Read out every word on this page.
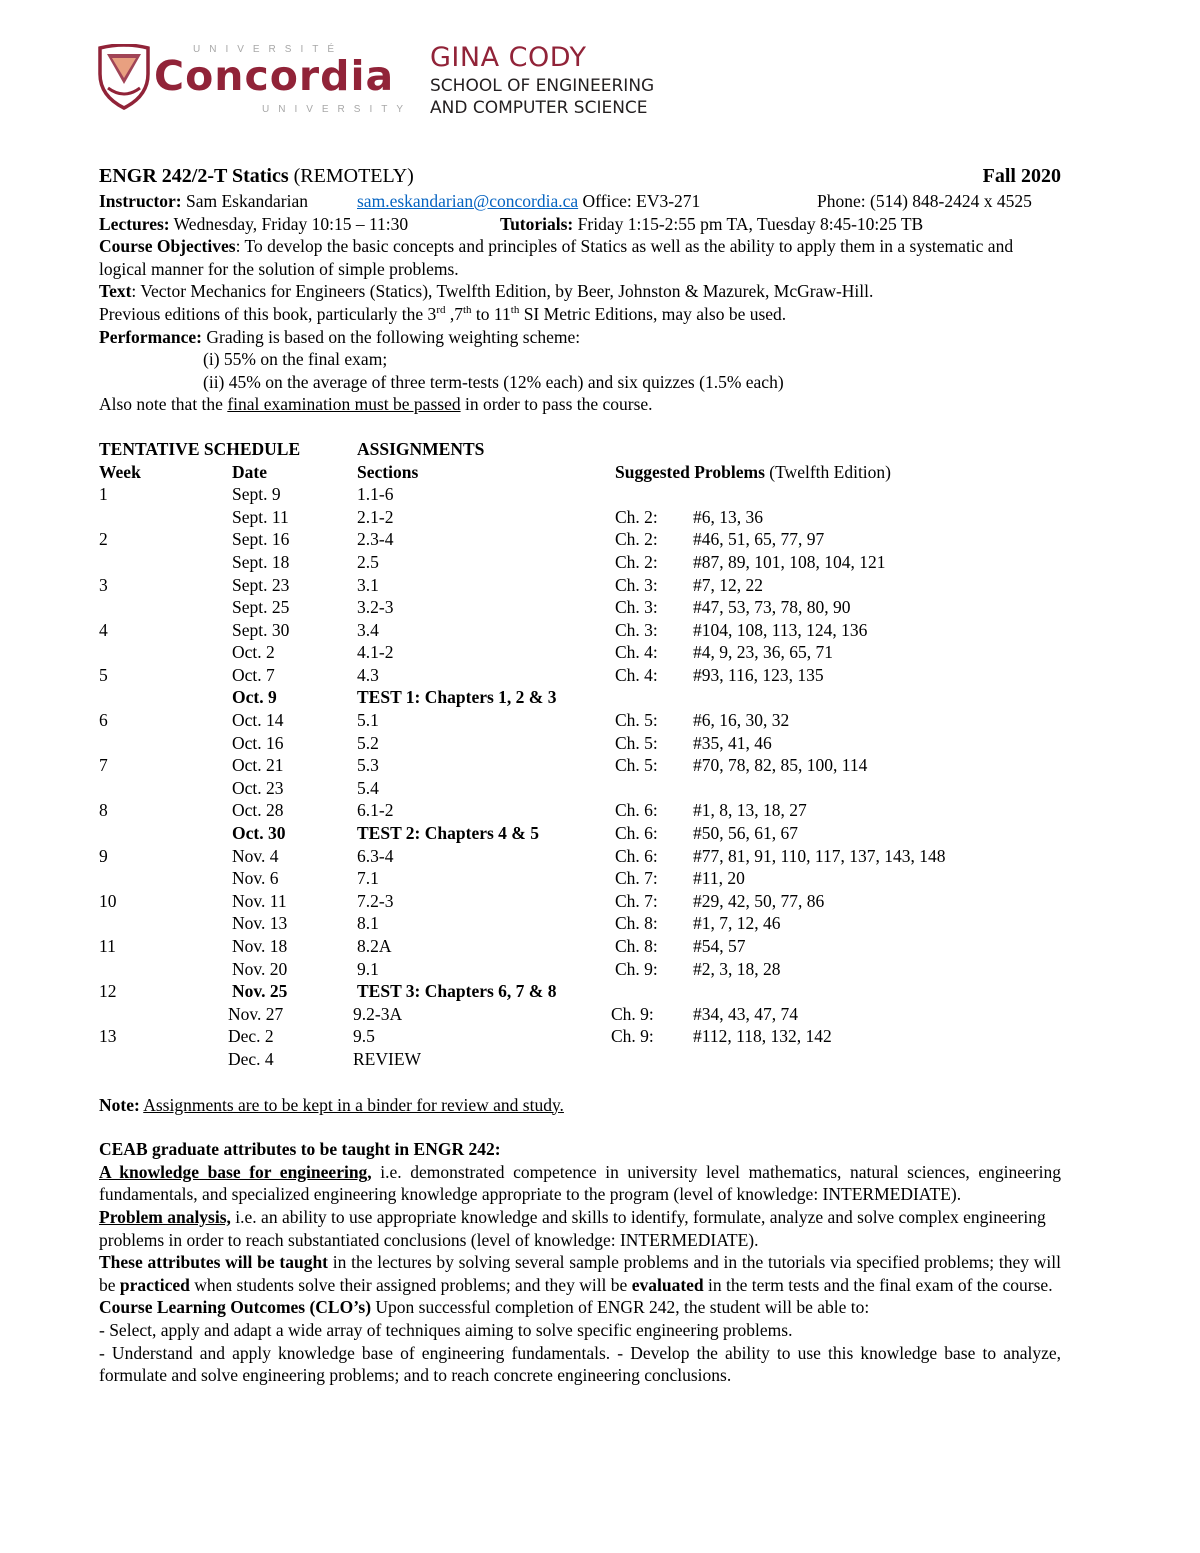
UNIVERSITÉ
Concordia
UNIVERSITY
GINA CODY
SCHOOL OF ENGINEERING
AND COMPUTER SCIENCE
ENGR 242/2-T Statics (REMOTELY)	Fall 2020
Instructor: Sam Eskandarian	sam.eskandarian@concordia.ca Office: EV3-271	Phone: (514) 848-2424 x 4525
Lectures: Wednesday, Friday 10:15 – 11:30	Tutorials: Friday 1:15-2:55 pm TA, Tuesday 8:45-10:25 TB
Course Objectives: To develop the basic concepts and principles of Statics as well as the ability to apply them in a systematic and logical manner for the solution of simple problems.
Text: Vector Mechanics for Engineers (Statics), Twelfth Edition, by Beer, Johnston & Mazurek, McGraw-Hill.
Previous editions of this book, particularly the 3rd ,7th to 11th SI Metric Editions, may also be used.
Performance: Grading is based on the following weighting scheme:
(i) 55% on the final exam;
(ii) 45% on the average of three term-tests (12% each) and six quizzes (1.5% each)
Also note that the final examination must be passed in order to pass the course.
TENTATIVE SCHEDULE	ASSIGNMENTS
Week	Date	Sections	Suggested Problems (Twelfth Edition)
1	Sept. 9	1.1-6
Sept. 11	2.1-2	Ch. 2: #6, 13, 36
2	Sept. 16	2.3-4	Ch. 2: #46, 51, 65, 77, 97
Sept. 18	2.5	Ch. 2: #87, 89, 101, 108, 104, 121
3	Sept. 23	3.1	Ch. 3: #7, 12, 22
Sept. 25	3.2-3	Ch. 3: #47, 53, 73, 78, 80, 90
4	Sept. 30	3.4	Ch. 3: #104, 108, 113, 124, 136
Oct. 2	4.1-2	Ch. 4: #4, 9, 23, 36, 65, 71
5	Oct. 7	4.3	Ch. 4: #93, 116, 123, 135
Oct. 9	TEST 1: Chapters 1, 2 & 3
6	Oct. 14	5.1	Ch. 5: #6, 16, 30, 32
Oct. 16	5.2	Ch. 5: #35, 41, 46
7	Oct. 21	5.3	Ch. 5: #70, 78, 82, 85, 100, 114
Oct. 23	5.4
8	Oct. 28	6.1-2	Ch. 6: #1, 8, 13, 18, 27
Oct. 30	TEST 2: Chapters 4 & 5	Ch. 6: #50, 56, 61, 67
9	Nov. 4	6.3-4	Ch. 6: #77, 81, 91, 110, 117, 137, 143, 148
Nov. 6	7.1	Ch. 7: #11, 20
10	Nov. 11	7.2-3	Ch. 7: #29, 42, 50, 77, 86
Nov. 13	8.1	Ch. 8: #1, 7, 12, 46
11	Nov. 18	8.2A	Ch. 8: #54, 57
Nov. 20	9.1	Ch. 9: #2, 3, 18, 28
12	Nov. 25	TEST 3: Chapters 6, 7 & 8
Nov. 27	9.2-3A	Ch. 9: #34, 43, 47, 74
13	Dec. 2	9.5	Ch. 9: #112, 118, 132, 142
Dec. 4	REVIEW
Note: Assignments are to be kept in a binder for review and study.
CEAB graduate attributes to be taught in ENGR 242:
A knowledge base for engineering, i.e. demonstrated competence in university level mathematics, natural sciences, engineering fundamentals, and specialized engineering knowledge appropriate to the program (level of knowledge: INTERMEDIATE).
Problem analysis, i.e. an ability to use appropriate knowledge and skills to identify, formulate, analyze and solve complex engineering problems in order to reach substantiated conclusions (level of knowledge: INTERMEDIATE).
These attributes will be taught in the lectures by solving several sample problems and in the tutorials via specified problems; they will be practiced when students solve their assigned problems; and they will be evaluated in the term tests and the final exam of the course.
Course Learning Outcomes (CLO’s) Upon successful completion of ENGR 242, the student will be able to:
- Select, apply and adapt a wide array of techniques aiming to solve specific engineering problems.
- Understand and apply knowledge base of engineering fundamentals. - Develop the ability to use this knowledge base to analyze, formulate and solve engineering problems; and to reach concrete engineering conclusions.
